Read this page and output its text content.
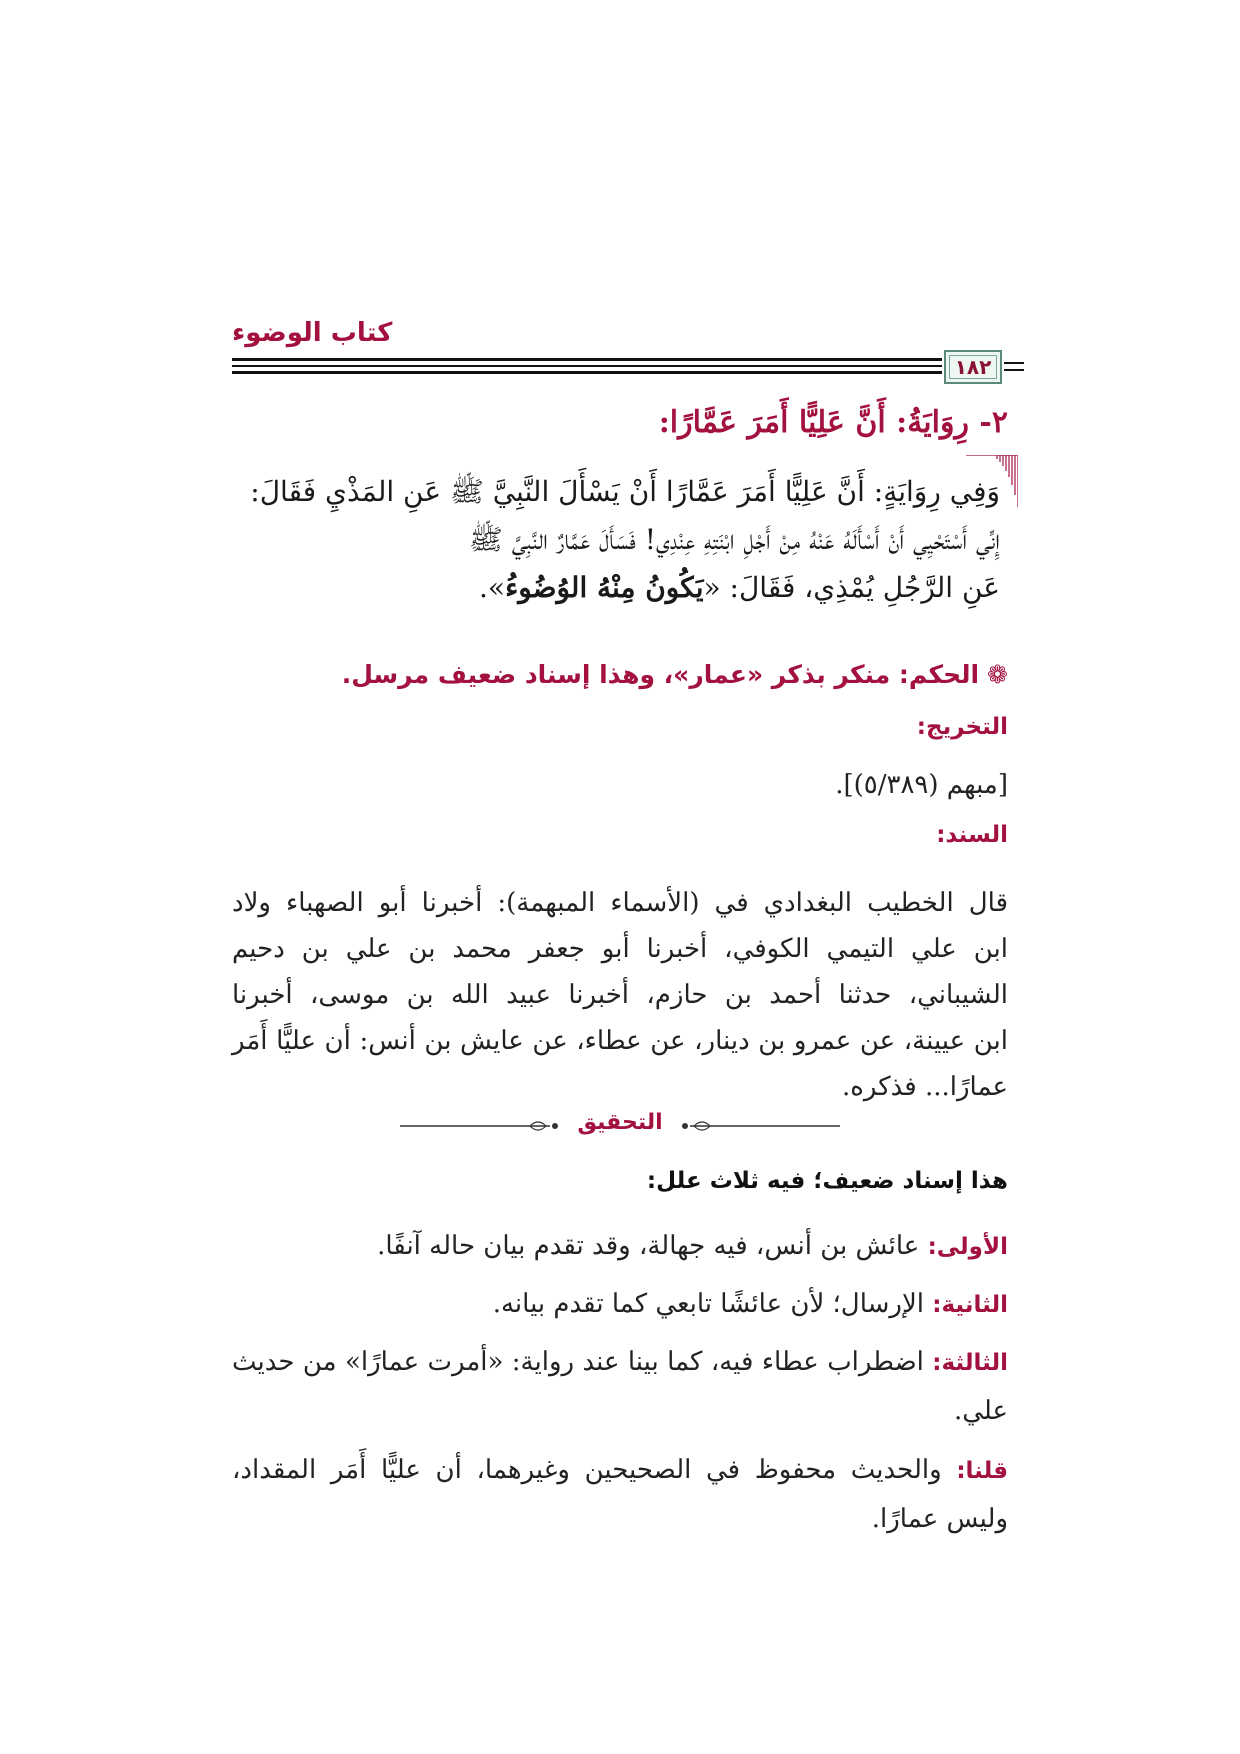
كتاب الوضوء
١٨٢
٢- رِوَايَةُ: أَنَّ عَلِيًّا أَمَرَ عَمَّارًا:
وَفِي رِوَايَةٍ: أَنَّ عَلِيًّا أَمَرَ عَمَّارًا أَنْ يَسْأَلَ النَّبِيَّ ﷺ عَنِ المَذْيِ فَقَالَ:
إِنِّي أَسْتَحْيِي أَنْ أَسْأَلَهُ عَنْهُ مِنْ أَجْلِ ابْنَتِهِ عِنْدِي! فَسَأَلَ عَمَّارٌ النَّبِيَّ ﷺ
عَنِ الرَّجُلِ يُمْذِي، فَقَالَ: «يَكُونُ مِنْهُ الوُضُوءُ».
❁الحكم: منكر بذكر «عمار»، وهذا إسناد ضعيف مرسل.
التخريج:
[مبهم (٥/٣٨٩)].
السند:
قال الخطيب البغدادي في (الأسماء المبهمة): أخبرنا أبو الصهباء ولاد
ابن علي التيمي الكوفي، أخبرنا أبو جعفر محمد بن علي بن دحيم
الشيباني، حدثنا أحمد بن حازم، أخبرنا عبيد الله بن موسى، أخبرنا
ابن عيينة، عن عمرو بن دينار، عن عطاء، عن عايش بن أنس: أن عليًّا أَمَر
عمارًا... فذكره.
التحقيق
هذا إسناد ضعيف؛ فيه ثلاث علل:
الأولى: عائش بن أنس، فيه جهالة، وقد تقدم بيان حاله آنفًا.
الثانية: الإرسال؛ لأن عائشًا تابعي كما تقدم بيانه.
الثالثة: اضطراب عطاء فيه، كما بينا عند رواية: «أمرت عمارًا» من حديث
علي.
قلنا: والحديث محفوظ في الصحيحين وغيرهما، أن عليًّا أَمَر المقداد،
وليس عمارًا.
